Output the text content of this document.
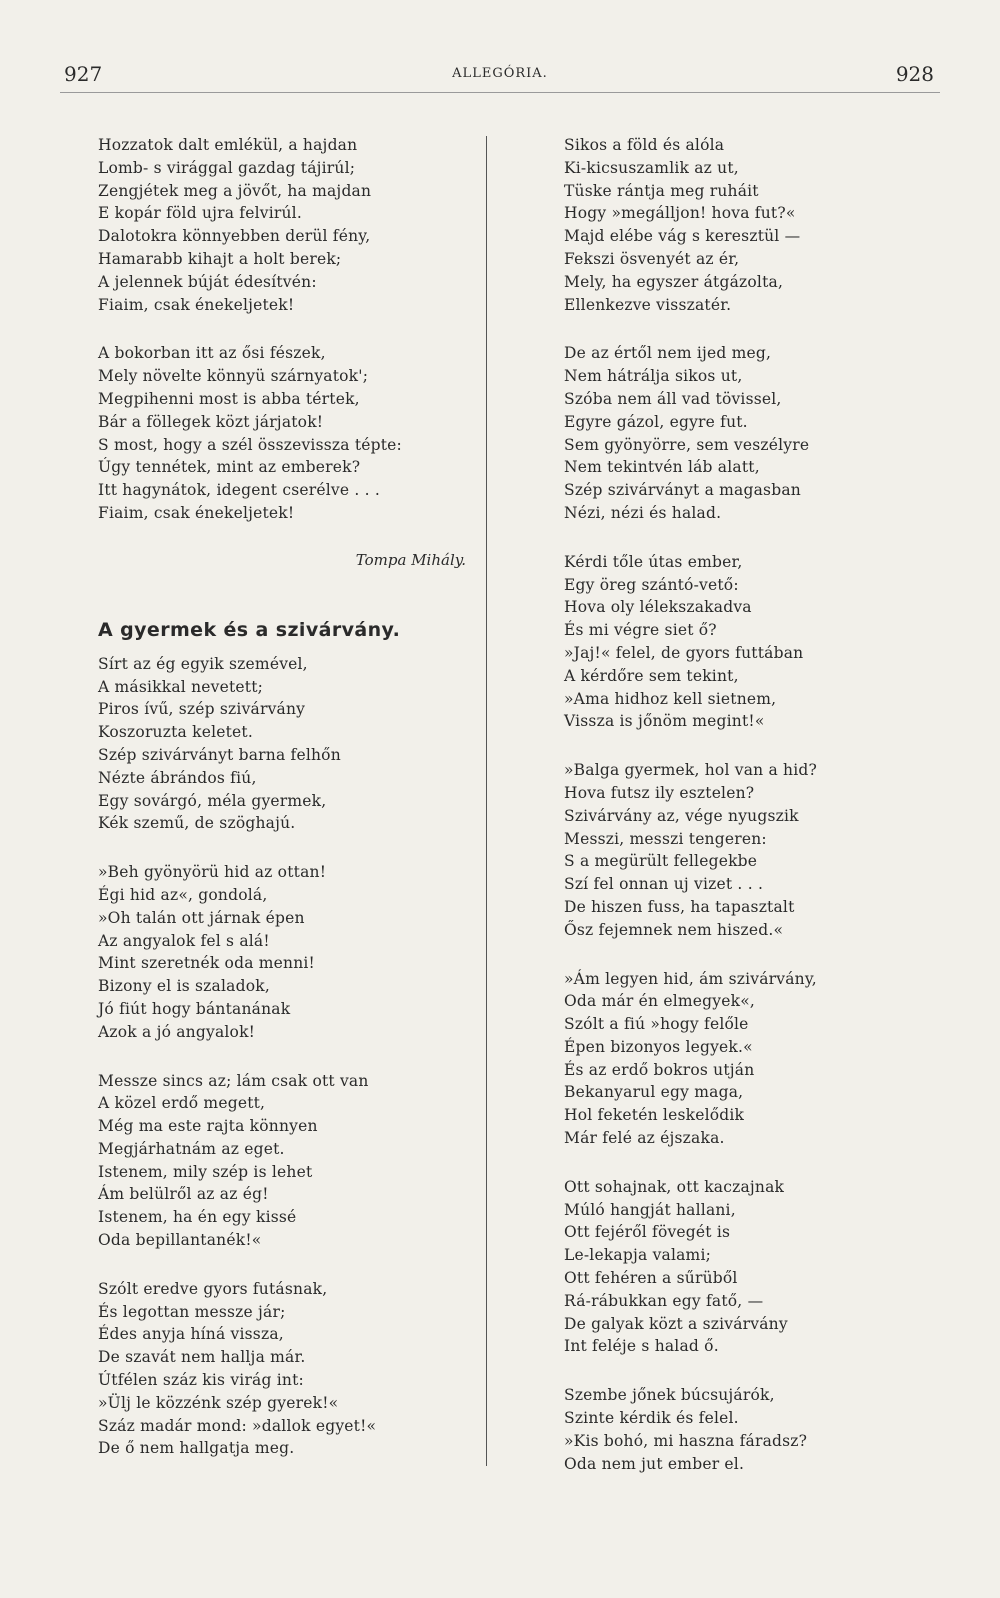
927	ALLEGÓRIA.	928
Hozzatok dalt emlékül, a hajdan
Lomb- s virággal gazdag tájirúl;
Zengjétek meg a jövőt, ha majdan
E kopár föld ujra felvirúl.
Dalotokra könnyebben derül fény,
Hamarabb kihajt a holt berek;
A jelennek búját édesítvén:
Fiaim, csak énekeljetek!
A bokorban itt az ősi fészek,
Mely növelte könnyü szárnyatok';
Megpihenni most is abba tértek,
Bár a föllegek közt járjatok!
S most, hogy a szél összevissza tépte:
Úgy tennétek, mint az emberek?
Itt hagynátok, idegent cserélve . . .
Fiaim, csak énekeljetek!
Tompa Mihály.
A gyermek és a szivárvány.
Sírt az ég egyik szemével,
A másikkal nevetett;
Piros ívű, szép szivárvány
Koszoruzta keletet.
Szép szivárványt barna felhőn
Nézte ábrándos fiú,
Egy sovárgó, méla gyermek,
Kék szemű, de szöghajú.
»Beh gyönyörü hid az ottan!
Égi hid az«, gondolá,
»Oh talán ott járnak épen
Az angyalok fel s alá!
Mint szeretnék oda menni!
Bizony el is szaladok,
Jó fiút hogy bántanának
Azok a jó angyalok!
Messze sincs az; lám csak ott van
A közel erdő megett,
Még ma este rajta könnyen
Megjárhatnám az eget.
Istenem, mily szép is lehet
Ám belülről az az ég!
Istenem, ha én egy kissé
Oda bepillantanék!«
Szólt eredve gyors futásnak,
És legottan messze jár;
Édes anyja híná vissza,
De szavát nem hallja már.
Útfélen száz kis virág int:
»Ülj le közzénk szép gyerek!«
Száz madár mond: »dallok egyet!«
De ő nem hallgatja meg.
Sikos a föld és alóla
Ki-kicsuszamlik az ut,
Tüske rántja meg ruháit
Hogy »megálljon! hova fut?«
Majd elébe vág s keresztül —
Fekszi ösvenyét az ér,
Mely, ha egyszer átgázolta,
Ellenkezve visszatér.
De az értől nem ijed meg,
Nem hátrálja sikos ut,
Szóba nem áll vad tövissel,
Egyre gázol, egyre fut.
Sem gyönyörre, sem veszélyre
Nem tekintvén láb alatt,
Szép szivárványt a magasban
Nézi, nézi és halad.
Kérdi tőle útas ember,
Egy öreg szántó-vető:
Hova oly lélekszakadva
És mi végre siet ő?
»Jaj!« felel, de gyors futtában
A kérdőre sem tekint,
»Ama hidhoz kell sietnem,
Vissza is jőnöm megint!«
»Balga gyermek, hol van a hid?
Hova futsz ily esztelen?
Szivárvány az, vége nyugszik
Messzi, messzi tengeren:
S a megürült fellegekbe
Szí fel onnan uj vizet . . .
De hiszen fuss, ha tapasztalt
Ősz fejemnek nem hiszed.«
»Ám legyen hid, ám szivárvány,
Oda már én elmegyek«,
Szólt a fiú »hogy felőle
Épen bizonyos legyek.«
És az erdő bokros utján
Bekanyarul egy maga,
Hol feketén leskelődik
Már felé az éjszaka.
Ott sohajnak, ott kaczajnak
Múló hangját hallani,
Ott fejéről fövegét is
Le-lekapja valami;
Ott fehéren a sűrüből
Rá-rábukkan egy fatő, —
De galyak közt a szivárvány
Int feléje s halad ő.
Szembe jőnek búcsujárók,
Szinte kérdik és felel.
»Kis bohó, mi haszna fáradsz?
Oda nem jut ember el.
